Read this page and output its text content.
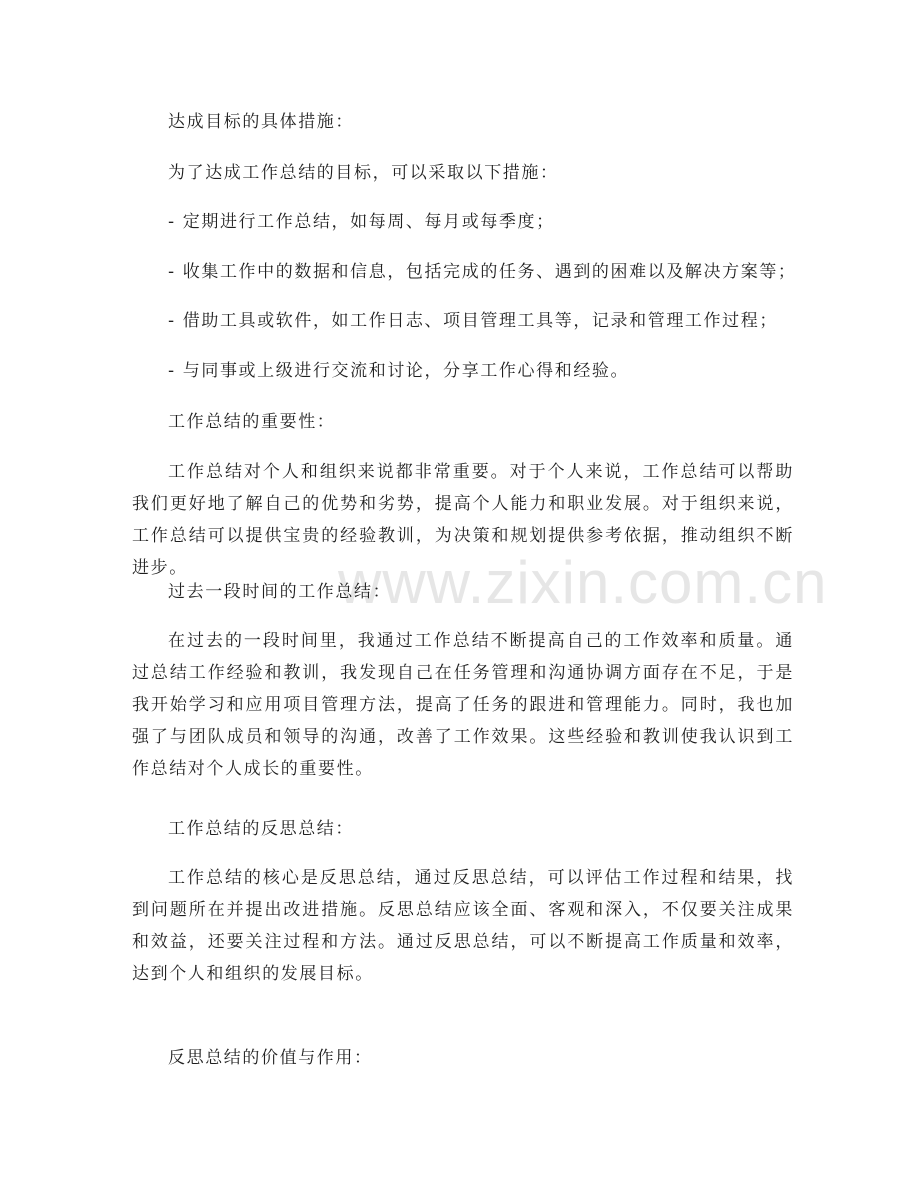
www.zixin.com.cn
达成目标的具体措施：
为了达成工作总结的目标，可以采取以下措施：
- 定期进行工作总结，如每周、每月或每季度；
- 收集工作中的数据和信息，包括完成的任务、遇到的困难以及解决方案等；
- 借助工具或软件，如工作日志、项目管理工具等，记录和管理工作过程；
- 与同事或上级进行交流和讨论，分享工作心得和经验。
工作总结的重要性：
工作总结对个人和组织来说都非常重要。对于个人来说，工作总结可以帮助我们更好地了解自己的优势和劣势，提高个人能力和职业发展。对于组织来说，工作总结可以提供宝贵的经验教训，为决策和规划提供参考依据，推动组织不断进步。
过去一段时间的工作总结：
在过去的一段时间里，我通过工作总结不断提高自己的工作效率和质量。通过总结工作经验和教训，我发现自己在任务管理和沟通协调方面存在不足，于是我开始学习和应用项目管理方法，提高了任务的跟进和管理能力。同时，我也加强了与团队成员和领导的沟通，改善了工作效果。这些经验和教训使我认识到工作总结对个人成长的重要性。
工作总结的反思总结：
工作总结的核心是反思总结，通过反思总结，可以评估工作过程和结果，找到问题所在并提出改进措施。反思总结应该全面、客观和深入，不仅要关注成果和效益，还要关注过程和方法。通过反思总结，可以不断提高工作质量和效率，达到个人和组织的发展目标。
反思总结的价值与作用：
